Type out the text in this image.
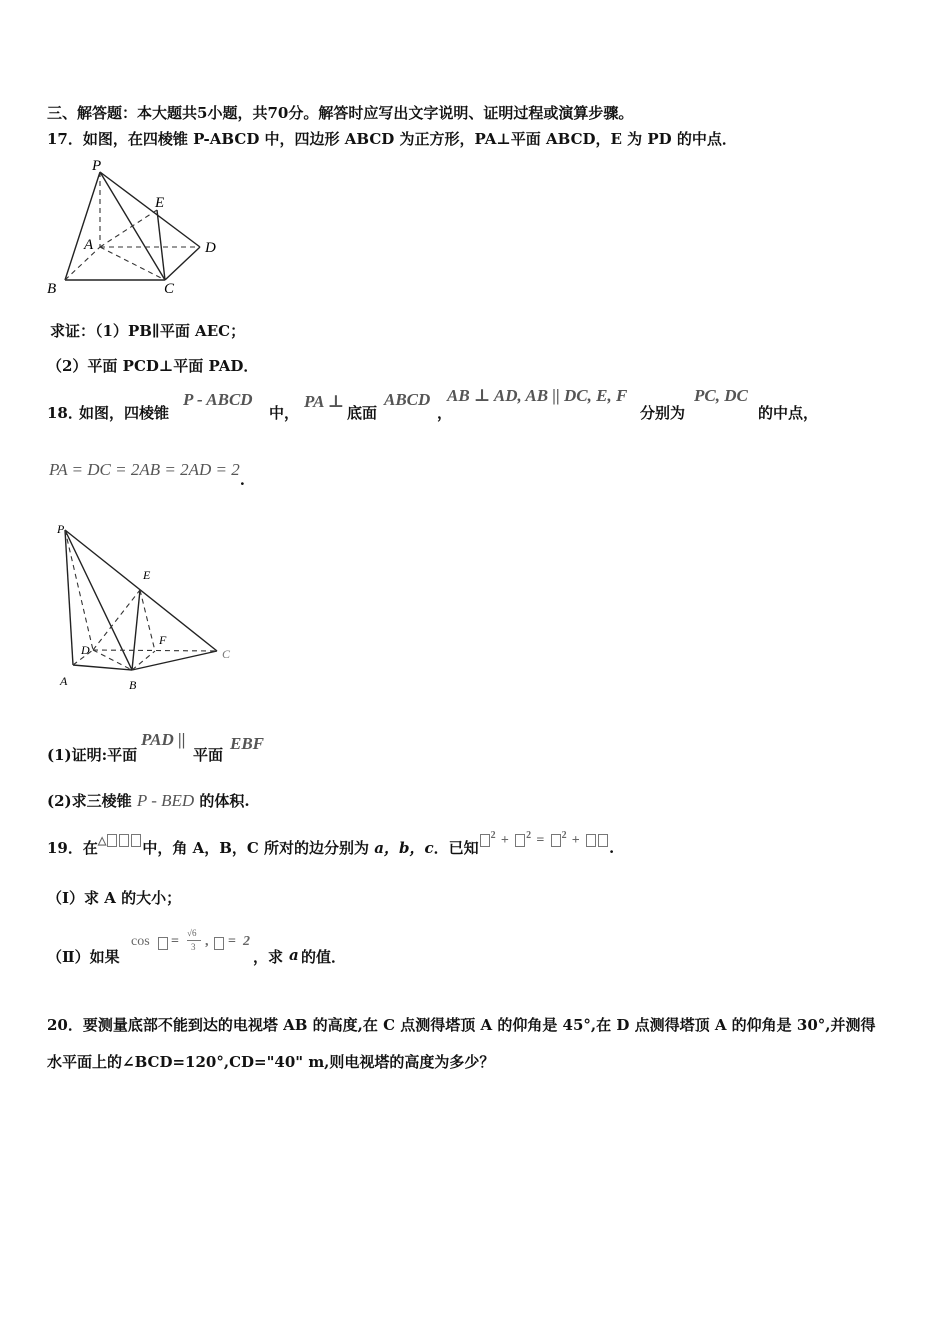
三、解答题：本大题共5小题，共70分。解答时应写出文字说明、证明过程或演算步骤。
17．如图，在四棱锥 P-ABCD 中，四边形 ABCD 为正方形，PA⊥平面 ABCD，E 为 PD 的中点．
P
E
A	D
B	C
求证：（1）PB∥平面 AEC；
（2）平面 PCD⊥平面 PAD．
18．
如图，四棱锥
P - ABCD
中，
PA ⊥
底面
ABCD
，
AB ⊥ AD, AB || DC, E, F
分别为
PC, DC
的中点，
PA = DC = 2AB = 2AD = 2.
P
E
D
F
C
A	B
(1)证明:平面
PAD ||
平面
EBF
(2)求三棱锥 P - BED 的体积.
19．在△ 中，角 A，B，C 所对的边分别为 a，b，c．已知$^2$ + $^2$ = $^2$ + .
（Ⅰ）求 A 的大小；
（Ⅱ）如果
cos =
√6
3 , = 2
，求 a 的值．
20．要测量底部不能到达的电视塔 AB 的高度,在 C 点测得塔顶 A 的仰角是 45°,在 D 点测得塔顶 A 的仰角是 30°,并测得
水平面上的∠BCD=120°,CD="40" m,则电视塔的高度为多少？
